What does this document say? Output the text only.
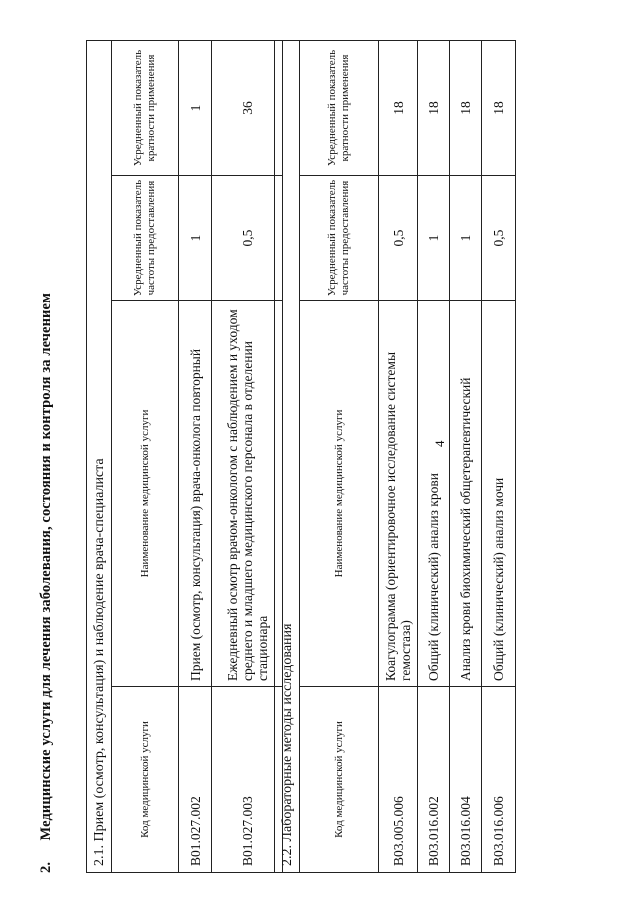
4
2.  Медицинские услуги для лечения заболевания, состояния и контроля за лечением
2.1. Прием (осмотр, консультация) и наблюдение врача-специалиста			
Код медицинской услуги	Наименование медицинской услуги	Усредненный показатель частоты предоставления	Усредненный показатель кратности применения
B01.027.002	Прием (осмотр, консультация) врача-онколога повторный	1	1
B01.027.003	Ежедневный осмотр врачом-онкологом с наблюдением и уходом среднего и младшего медицинского персонала в отделении стационара	0,5	36
2.2. Лабораторные методы исследования			
Код медицинской услуги	Наименование медицинской услуги	Усредненный показатель частоты предоставления	Усредненный показатель кратности применения
B03.005.006	Коагулограмма (ориентировочное исследование системы гемостаза)	0,5	18
B03.016.002	Общий (клинический) анализ крови	1	18
B03.016.004	Анализ крови биохимический общетерапевтический	1	18
B03.016.006	Общий (клинический) анализ мочи	0,5	18
